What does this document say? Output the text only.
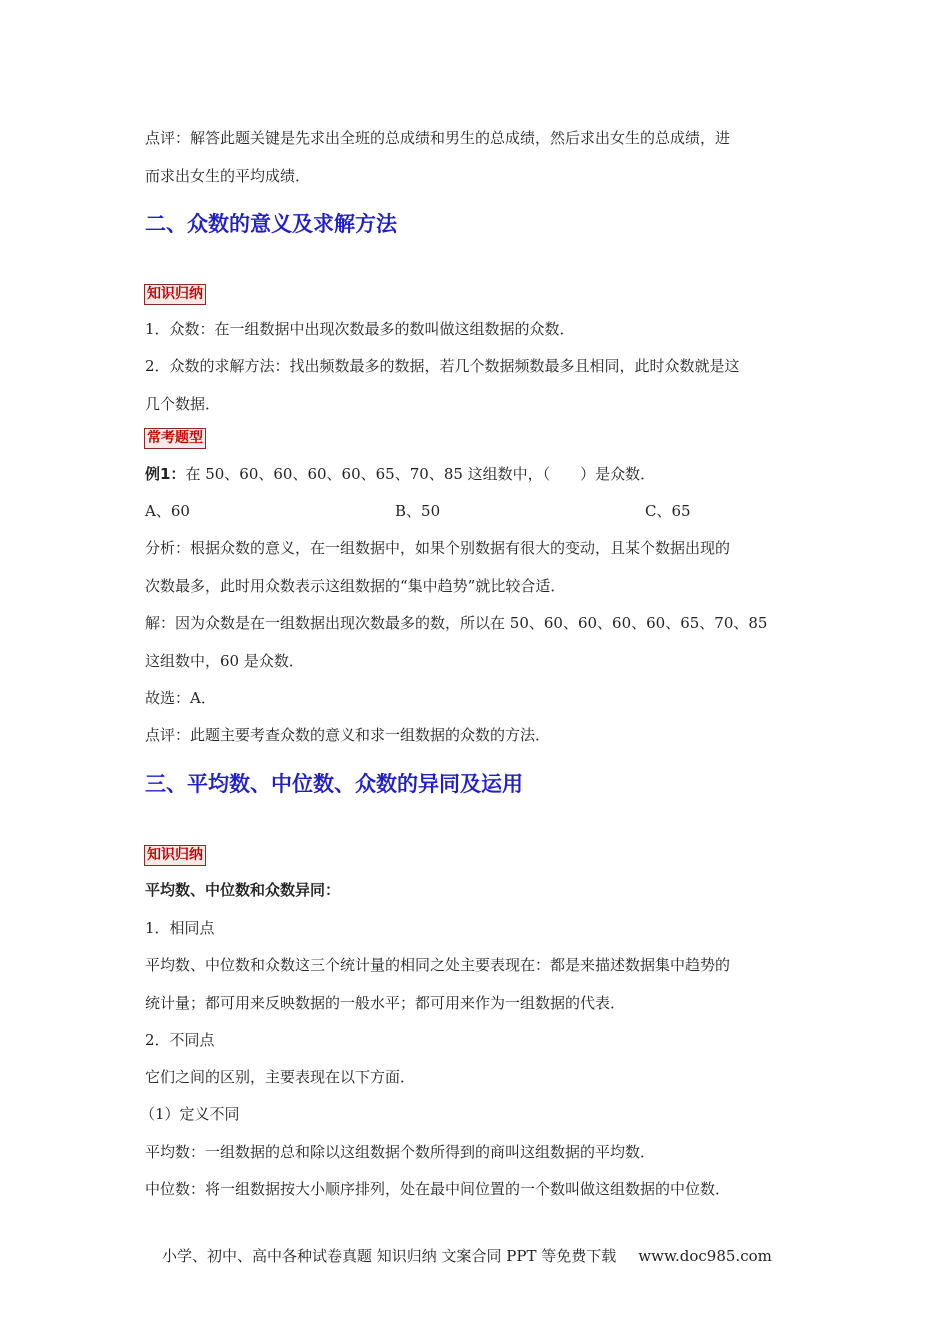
点评：解答此题关键是先求出全班的总成绩和男生的总成绩，然后求出女生的总成绩，进
而求出女生的平均成绩．
二、众数的意义及求解方法
知识归纳
1．众数：在一组数据中出现次数最多的数叫做这组数据的众数．
2．众数的求解方法：找出频数最多的数据，若几个数据频数最多且相同，此时众数就是这
几个数据．
常考题型
例1：在 50、60、60、60、60、65、70、85 这组数中，（　　）是众数．
A、60	B、50	C、65
分析：根据众数的意义，在一组数据中，如果个别数据有很大的变动，且某个数据出现的
次数最多，此时用众数表示这组数据的“集中趋势”就比较合适．
解：因为众数是在一组数据出现次数最多的数，所以在 50、60、60、60、60、65、70、85
这组数中，60 是众数．
故选：A．
点评：此题主要考查众数的意义和求一组数据的众数的方法．
三、平均数、中位数、众数的异同及运用
知识归纳
平均数、中位数和众数异同：
1．相同点
平均数、中位数和众数这三个统计量的相同之处主要表现在：都是来描述数据集中趋势的
统计量；都可用来反映数据的一般水平；都可用来作为一组数据的代表．
2．不同点
它们之间的区别，主要表现在以下方面．
（1）定义不同
平均数：一组数据的总和除以这组数据个数所得到的商叫这组数据的平均数．
中位数：将一组数据按大小顺序排列，处在最中间位置的一个数叫做这组数据的中位数．
小学、初中、高中各种试卷真题 知识归纳 文案合同 PPT 等免费下载 www.doc985.com
